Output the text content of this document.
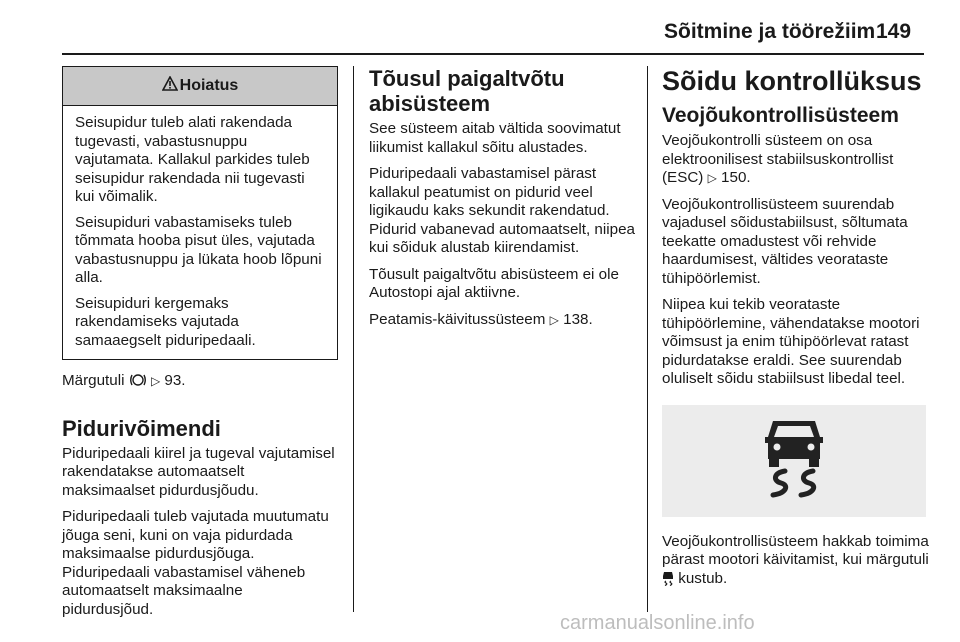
Sõitmine ja töörežiim 149
Hoiatus

Seisupidur tuleb alati rakendada tugevasti, vabastusnuppu vajutamata. Kallakul parkides tuleb seisupidur rakendada nii tugevasti kui võimalik.

Seisupiduri vabastamiseks tuleb tõmmata hooba pisut üles, vajutada vabastusnuppu ja lükata hoob lõpuni alla.

Seisupiduri kergemaks rakendamiseks vajutada samaaegselt piduripedaali.

Märgutuli ▷ 93.

Pidurivõimendi

Piduripedaali kiirel ja tugeval vajutamisel rakendatakse automaatselt maksimaalset pidurdusjõudu.

Piduripedaali tuleb vajutada muutumatu jõuga seni, kuni on vaja pidurdada maksimaalse pidurdusjõuga. Piduripedaali vabastamisel väheneb automaatselt maksimaalne pidurdusjõud.

Tõusul paigaltvõtu abisüsteem

See süsteem aitab vältida soovimatut liikumist kallakul sõitu alustades.

Piduripedaali vabastamisel pärast kallakul peatumist on pidurid veel ligikaudu kaks sekundit rakendatud. Pidurid vabanevad automaatselt, niipea kui sõiduk alustab kiirendamist.

Tõusult paigaltvõtu abisüsteem ei ole Autostopi ajal aktiivne.

Peatamis-käivitussüsteem ▷ 138.

Sõidu kontrollüksus
Veojõukontrollisüsteem

Veojõukontrolli süsteem on osa elektroonilisest stabiilsuskontrollist (ESC) ▷ 150.

Veojõukontrollisüsteem suurendab vajadusel sõidustabiilsust, sõltumata teekatte omadustest või rehvide haardumisest, vältides veorataste tühipöörlemist.

Niipea kui tekib veorataste tühipöörlemine, vähendatakse mootori võimsust ja enim tühipöörlevat ratast pidurdatakse eraldi. See suurendab oluliselt sõidu stabiilsust libedal teel.

Veojõukontrollisüsteem hakkab toimima pärast mootori käivitamist, kui märgutuli  kustub.

carmanualsonline.info
